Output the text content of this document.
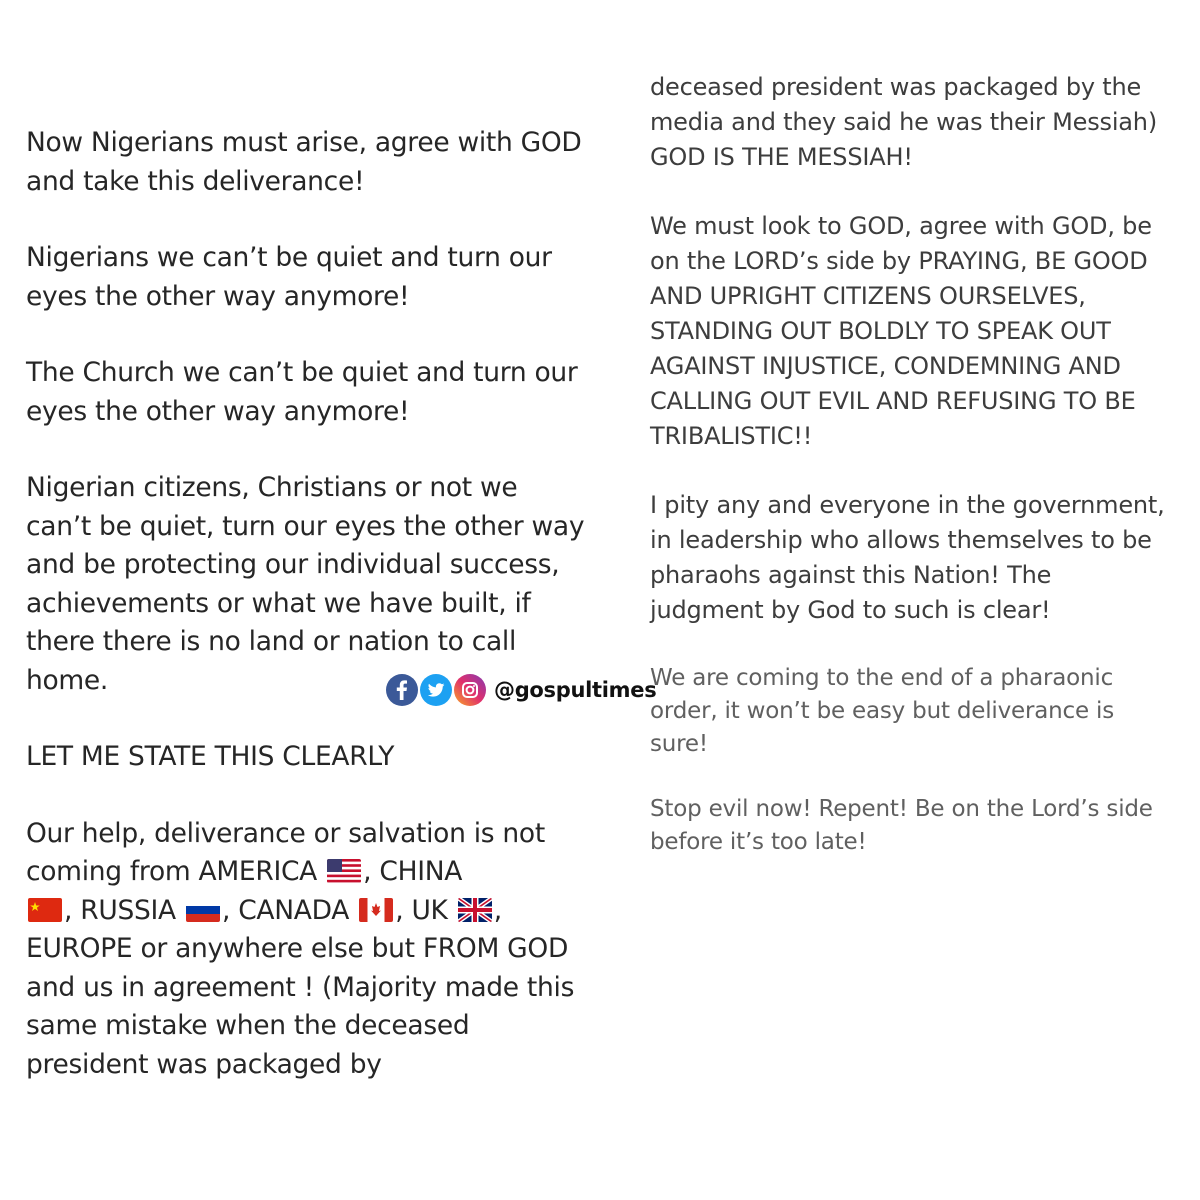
Now Nigerians must arise, agree with GOD and take this deliverance!

Nigerians we can’t be quiet and turn our eyes the other way anymore!

The Church we can’t be quiet and turn our eyes the other way anymore!

Nigerian citizens, Christians or not we can’t be quiet, turn our eyes the other way and be protecting our individual success, achievements or what we have built, if there there is no land or nation to call home.

LET ME STATE THIS CLEARLY

Our help, deliverance or salvation is not coming from AMERICA , CHINA

, RUSSIA , CANADA , UK , EUROPE or anywhere else but FROM GOD and us in agreement ! (Majority made this same mistake when the deceased president was packaged by

deceased president was packaged by the media and they said he was their Messiah) GOD IS THE MESSIAH!

We must look to GOD, agree with GOD, be on the LORD’s side by PRAYING, BE GOOD AND UPRIGHT CITIZENS OURSELVES, STANDING OUT BOLDLY TO SPEAK OUT AGAINST INJUSTICE, CONDEMNING AND CALLING OUT EVIL AND REFUSING TO BE TRIBALISTIC!!

I pity any and everyone in the government, in leadership who allows themselves to be pharaohs against this Nation! The judgment by God to such is clear!

We are coming to the end of a pharaonic order, it won’t be easy but deliverance is sure!

Stop evil now! Repent! Be on the Lord’s side before it’s too late!

@gospultimes
